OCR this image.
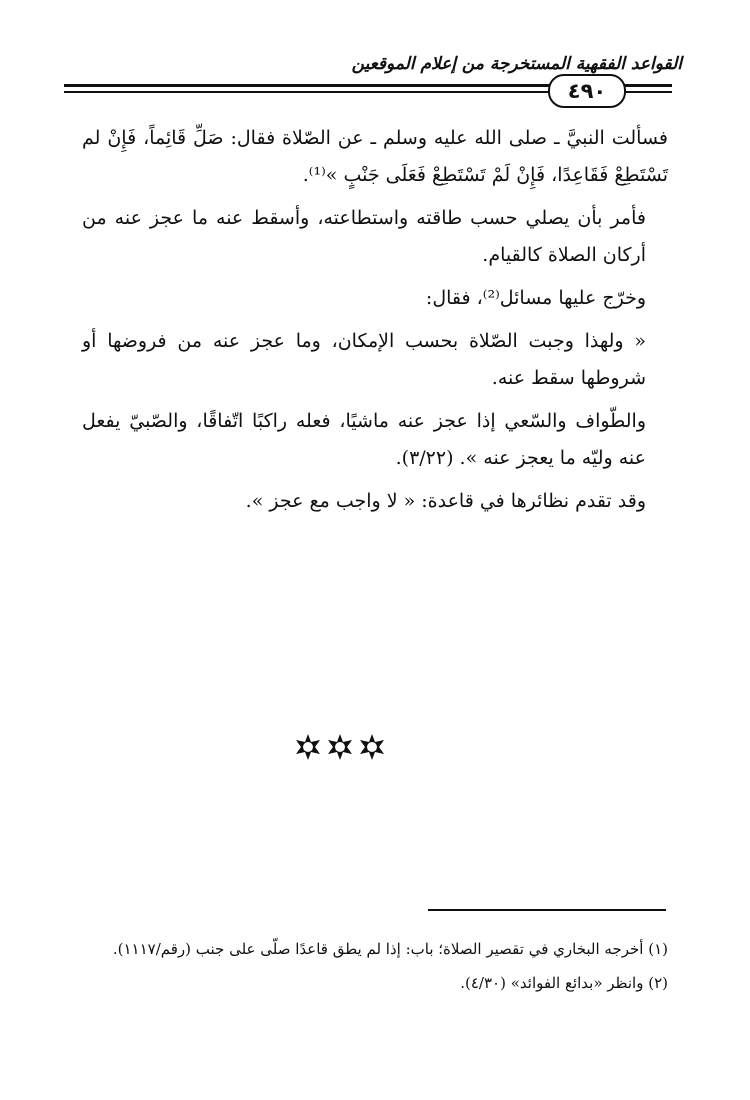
القواعد الفقهية المستخرجة من إعلام الموقعين
٤٩٠

فسألت النبيَّ ـ صلى الله عليه وسلم ـ عن الصّلاة فقال: صَلِّ قَائِماً، فَإِنْ لم تَسْتَطِعْ فَقَاعِدًا، فَإِنْ لَمْ تَسْتَطِعْ فَعَلَى جَنْبٍ »⁽¹⁾.

فأمر بأن يصلي حسب طاقته واستطاعته، وأسقط عنه ما عجز عنه من أركان الصلاة كالقيام.

وخرّج عليها مسائل⁽²⁾، فقال:

« ولهذا وجبت الصّلاة بحسب الإمكان، وما عجز عنه من فروضها أو شروطها سقط عنه.

والطّواف والسّعي إذا عجز عنه ماشيًا، فعله راكبًا اتّفاقًا، والصّبيّ يفعل عنه وليّه ما يعجز عنه ». (٣/٢٢).

وقد تقدم نظائرها في قاعدة: « لا واجب مع عجز ».

(١) أخرجه البخاري في تقصير الصلاة؛ باب: إذا لم يطق قاعدًا صلّى على جنب (رقم/١١١٧).

(٢) وانظر «بدائع الفوائد» (٤/٣٠).
